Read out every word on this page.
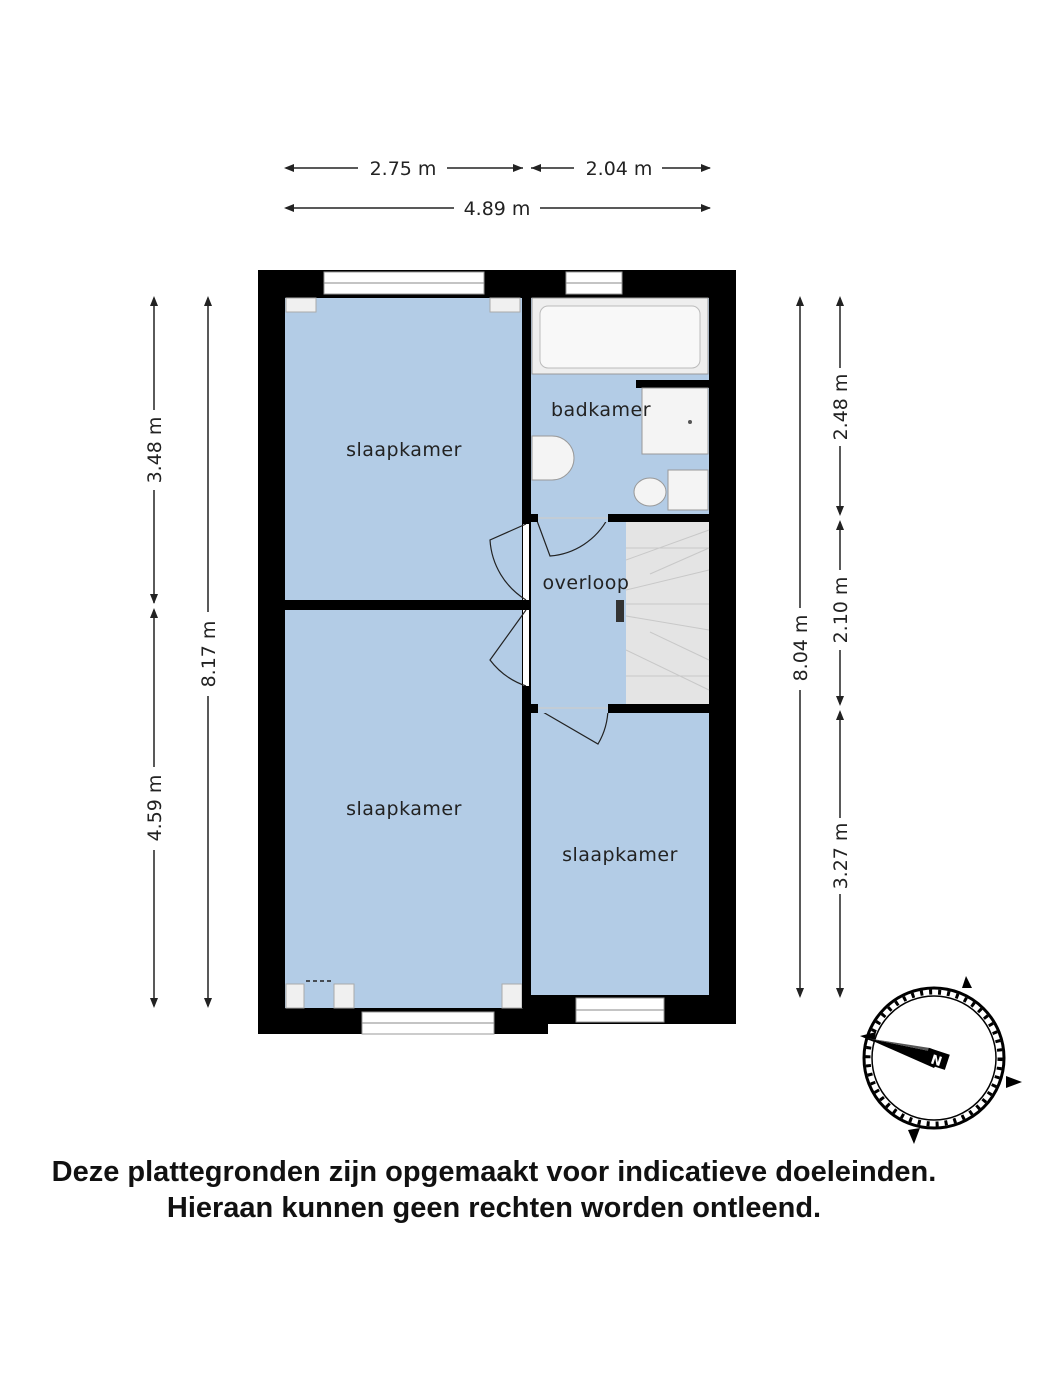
2.75 m	2.04 m
4.89 m
3.48 m
4.59 m
8.17 m	8.04 m
2.48 m
2.10 m
3.27 m
slaapkamer
slaapkamer
slaapkamer
badkamer
overloop
N
Deze plattegronden zijn opgemaakt voor indicatieve doeleinden.
Hieraan kunnen geen rechten worden ontleend.
